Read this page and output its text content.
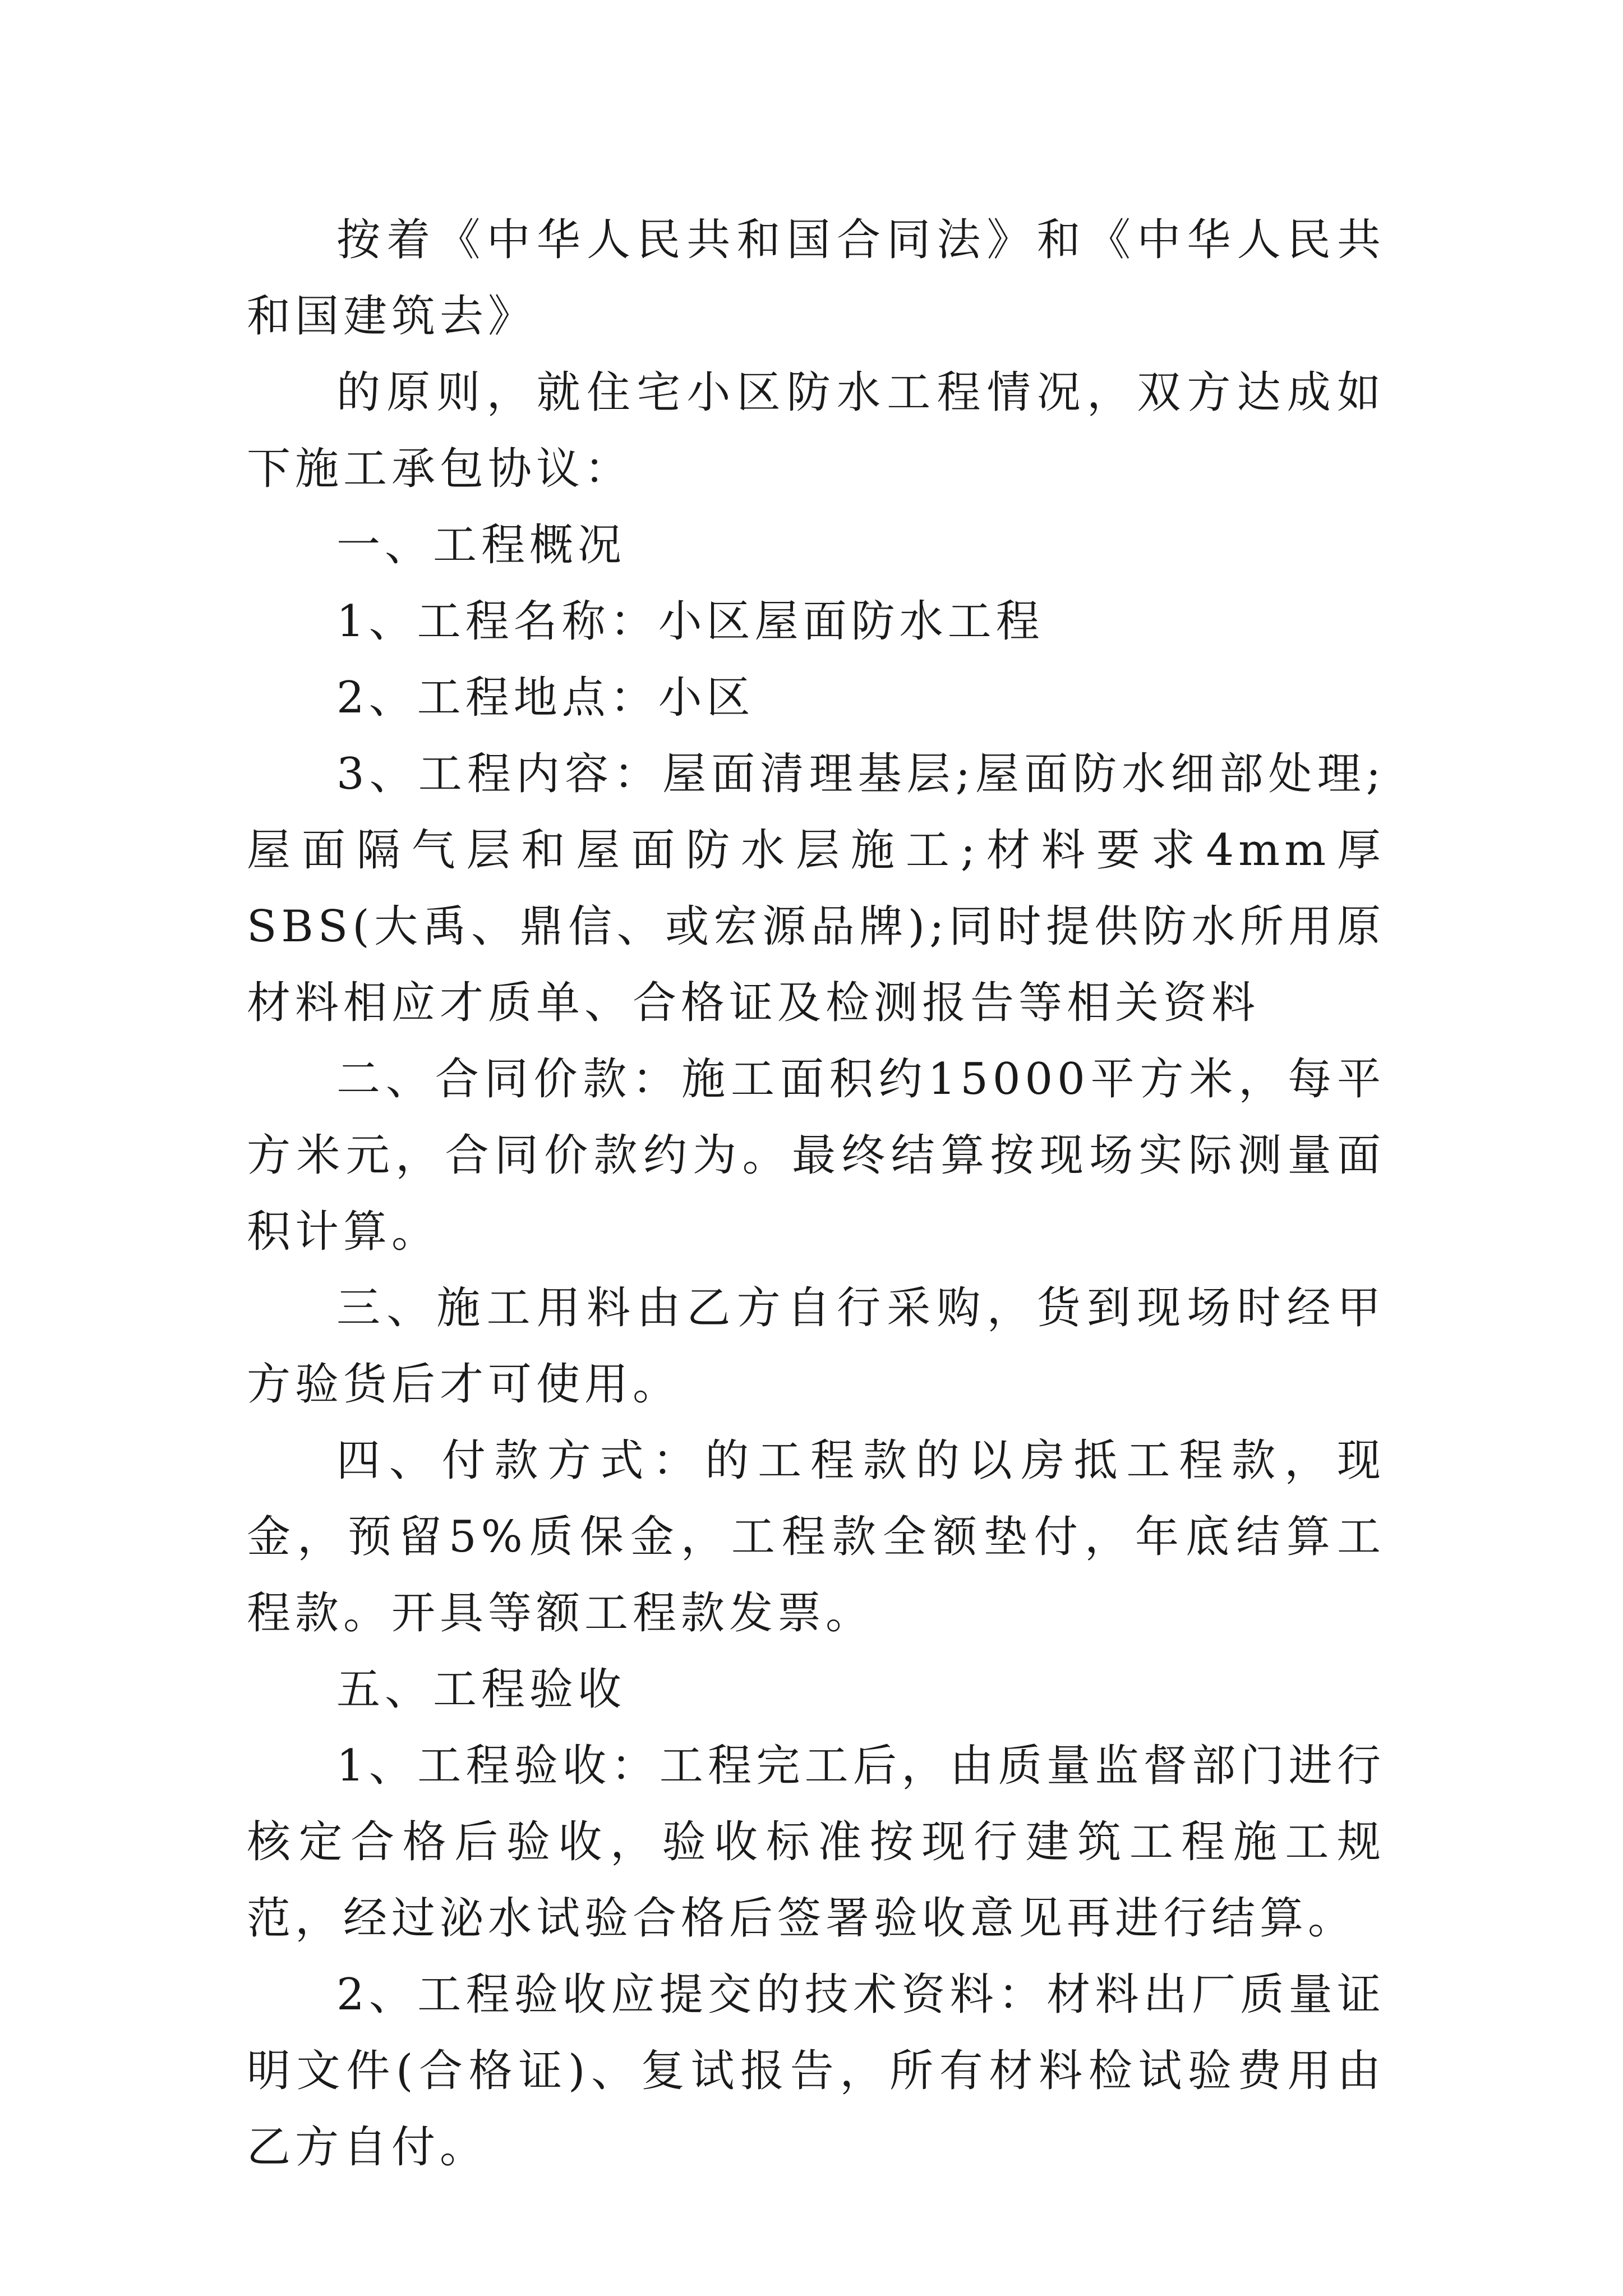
按着《中华人民共和国合同法》和《中华人民共和国建筑去》

的原则，就住宅小区防水工程情况，双方达成如下施工承包协议：

一、工程概况

1、工程名称：小区屋面防水工程

2、工程地点：小区

3、工程内容：屋面清理基层;屋面防水细部处理;屋面隔气层和屋面防水层施工;材料要求4mm厚SBS(大禹、鼎信、或宏源品牌);同时提供防水所用原材料相应才质单、合格证及检测报告等相关资料

二、合同价款：施工面积约15000平方米，每平方米元，合同价款约为。最终结算按现场实际测量面积计算。

三、施工用料由乙方自行采购，货到现场时经甲方验货后才可使用。

四、付款方式：的工程款的以房抵工程款，现金，预留5%质保金，工程款全额垫付，年底结算工程款。开具等额工程款发票。

五、工程验收

1、工程验收：工程完工后，由质量监督部门进行核定合格后验收，验收标准按现行建筑工程施工规范，经过泌水试验合格后签署验收意见再进行结算。

2、工程验收应提交的技术资料：材料出厂质量证明文件(合格证)、复试报告，所有材料检试验费用由乙方自付。
